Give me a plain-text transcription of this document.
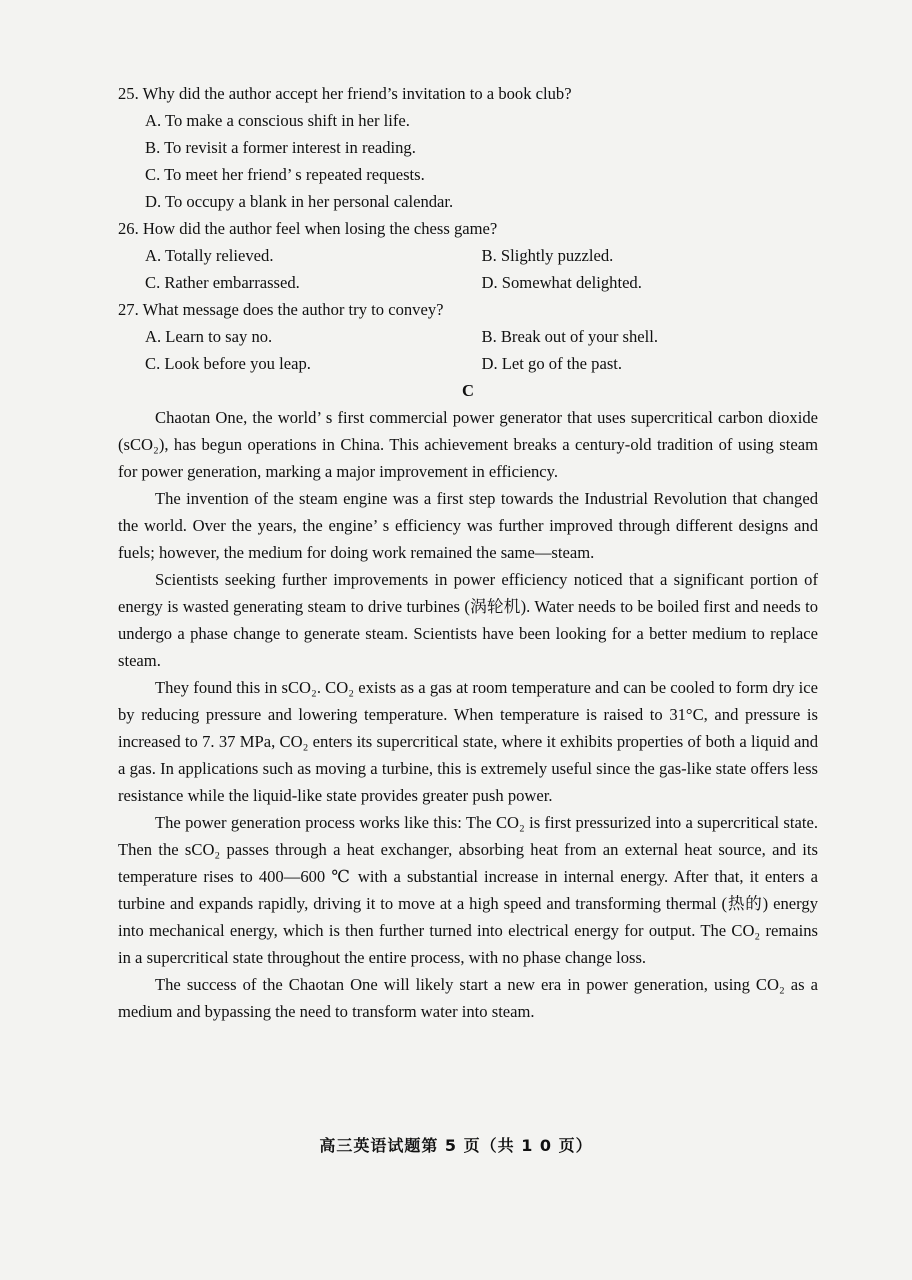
25. Why did the author accept her friend’s invitation to a book club?
A. To make a conscious shift in her life.
B. To revisit a former interest in reading.
C. To meet her friend’ s repeated requests.
D. To occupy a blank in her personal calendar.
26. How did the author feel when losing the chess game?
A. Totally relieved.	B. Slightly puzzled.
C. Rather embarrassed.	D. Somewhat delighted.
27. What message does the author try to convey?
A. Learn to say no.	B. Break out of your shell.
C. Look before you leap.	D. Let go of the past.
C
Chaotan One, the world’ s first commercial power generator that uses supercritical carbon dioxide (sCO₂), has begun operations in China. This achievement breaks a century-old tradition of using steam for power generation, marking a major improvement in efficiency.
The invention of the steam engine was a first step towards the Industrial Revolution that changed the world. Over the years, the engine’ s efficiency was further improved through different designs and fuels; however, the medium for doing work remained the same—steam.
Scientists seeking further improvements in power efficiency noticed that a significant portion of energy is wasted generating steam to drive turbines (涡轮机). Water needs to be boiled first and needs to undergo a phase change to generate steam. Scientists have been looking for a better medium to replace steam.
They found this in sCO₂. CO₂ exists as a gas at room temperature and can be cooled to form dry ice by reducing pressure and lowering temperature. When temperature is raised to 31°C, and pressure is increased to 7. 37 MPa, CO₂ enters its supercritical state, where it exhibits properties of both a liquid and a gas. In applications such as moving a turbine, this is extremely useful since the gas-like state offers less resistance while the liquid-like state provides greater push power.
The power generation process works like this: The CO₂ is first pressurized into a supercritical state. Then the sCO₂ passes through a heat exchanger, absorbing heat from an external heat source, and its temperature rises to 400—600 ℃ with a substantial increase in internal energy. After that, it enters a turbine and expands rapidly, driving it to move at a high speed and transforming thermal (热的) energy into mechanical energy, which is then further turned into electrical energy for output. The CO₂ remains in a supercritical state throughout the entire process, with no phase change loss.
The success of the Chaotan One will likely start a new era in power generation, using CO₂ as a medium and bypassing the need to transform water into steam.
高三英语试题第 5 页（共 1 0 页）
